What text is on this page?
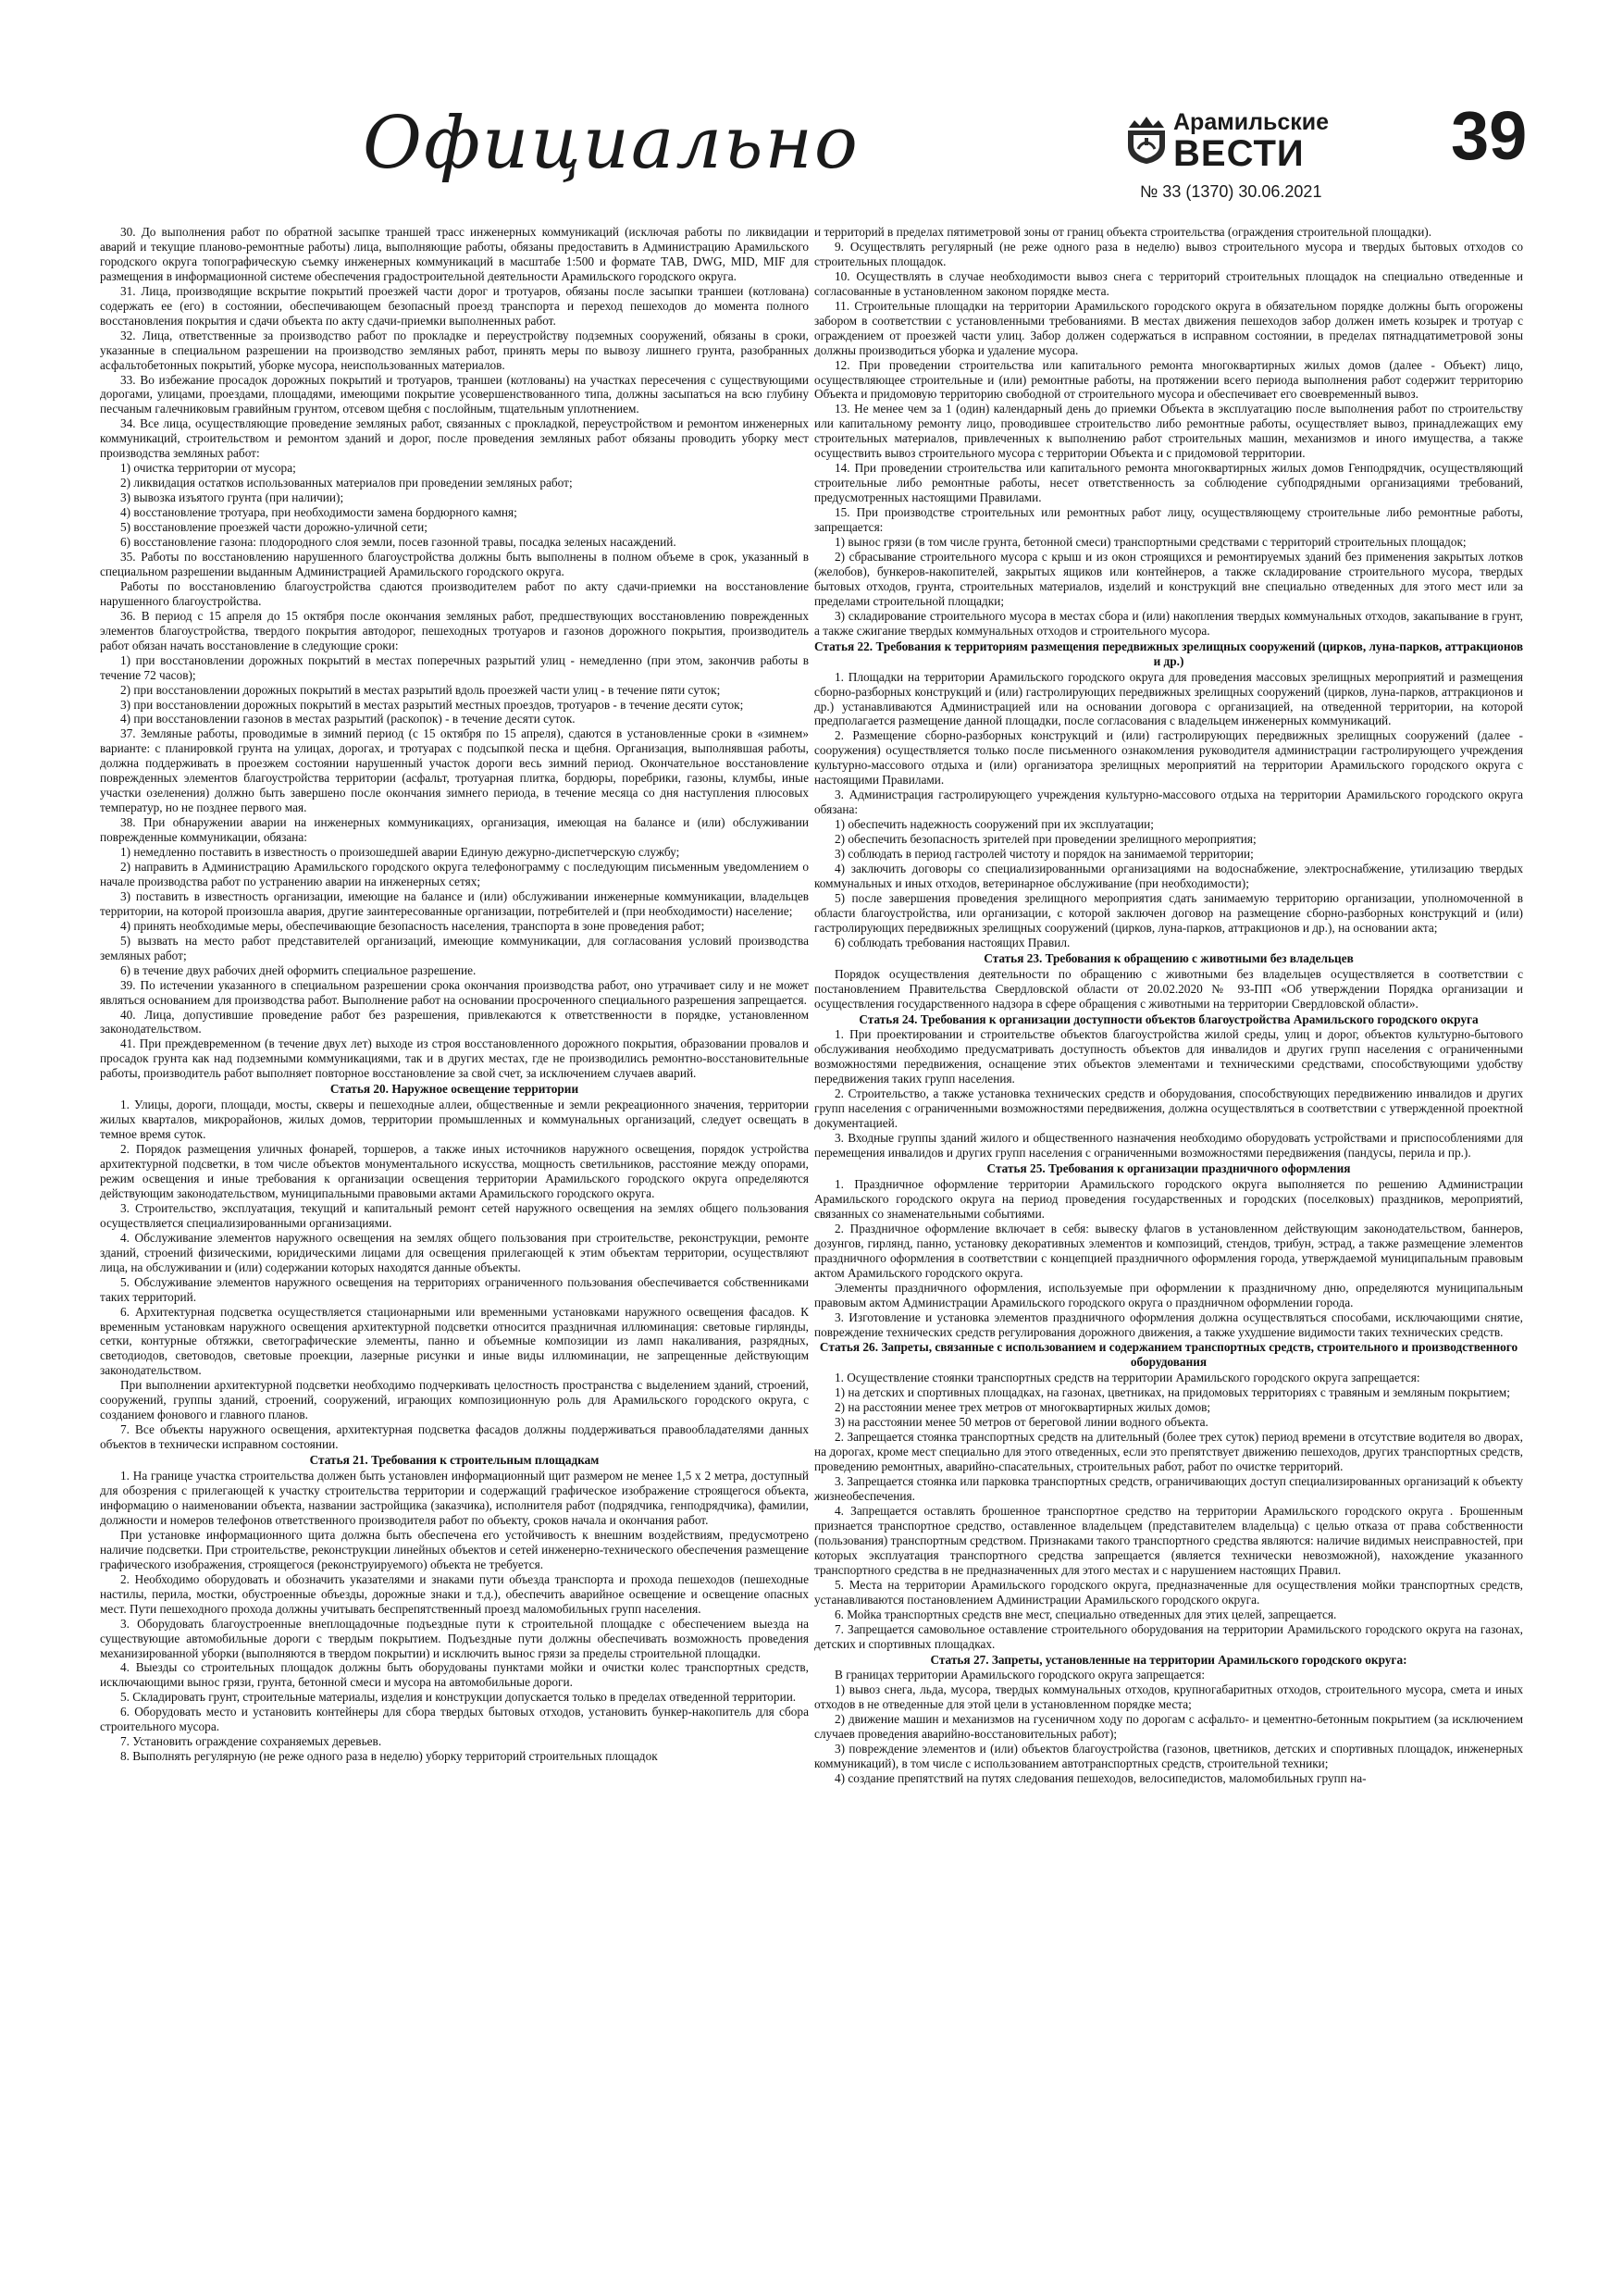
Официально	Арамильские
ВЕСТИ
№ 33 (1370) 30.06.2021
39

30. До выполнения работ по обратной засыпке траншей трасс инженерных коммуникаций (исключая работы по ликвидации аварий и текущие планово-ремонтные работы) лица, выполняющие работы, обязаны предоставить в Администрацию Арамильского городского округа топографическую съемку инженерных коммуникаций в масштабе 1:500 и формате TAB, DWG, MID, MIF для размещения в информационной системе обеспечения градостроительной деятельности Арамильского городского округа.

31. Лица, производящие вскрытие покрытий проезжей части дорог и тротуаров, обязаны после засыпки траншеи (котлована) содержать ее (его) в состоянии, обеспечивающем безопасный проезд транспорта и переход пешеходов до момента полного восстановления покрытия и сдачи объекта по акту сдачи-приемки выполненных работ.

32. Лица, ответственные за производство работ по прокладке и переустройству подземных сооружений, обязаны в сроки, указанные в специальном разрешении на производство земляных работ, принять меры по вывозу лишнего грунта, разобранных асфальтобетонных покрытий, уборке мусора, неиспользованных материалов.

33. Во избежание просадок дорожных покрытий и тротуаров, траншеи (котлованы) на участках пересечения с существующими дорогами, улицами, проездами, площадями, имеющими покрытие усовершенствованного типа, должны засыпаться на всю глубину песчаным галечниковым гравийным грунтом, отсевом щебня с послойным, тщательным уплотнением.

34. Все лица, осуществляющие проведение земляных работ, связанных с прокладкой, переустройством и ремонтом инженерных коммуникаций, строительством и ремонтом зданий и дорог, после проведения земляных работ обязаны проводить уборку мест производства земляных работ:

1) очистка территории от мусора;

2) ликвидация остатков использованных материалов при проведении земляных работ;

3) вывозка изъятого грунта (при наличии);

4) восстановление тротуара, при необходимости замена бордюрного камня;

5) восстановление проезжей части дорожно-уличной сети;

6) восстановление газона: плодородного слоя земли, посев газонной травы, посадка зеленых насаждений.

35. Работы по восстановлению нарушенного благоустройства должны быть выполнены в полном объеме в срок, указанный в специальном разрешении выданным Администрацией Арамильского городского округа.

Работы по восстановлению благоустройства сдаются производителем работ по акту сдачи-приемки на восстановление нарушенного благоустройства.

36. В период с 15 апреля до 15 октября после окончания земляных работ, предшествующих восстановлению поврежденных элементов благоустройства, твердого покрытия автодорог, пешеходных тротуаров и газонов дорожного покрытия, производитель работ обязан начать восстановление в следующие сроки:

1) при восстановлении дорожных покрытий в местах поперечных разрытий улиц - немедленно (при этом, закончив работы в течение 72 часов);

2) при восстановлении дорожных покрытий в местах разрытий вдоль проезжей части улиц - в течение пяти суток;

3) при восстановлении дорожных покрытий в местах разрытий местных проездов, тротуаров - в течение десяти суток;

4) при восстановлении газонов в местах разрытий (раскопок) - в течение десяти суток.

37. Земляные работы, проводимые в зимний период (с 15 октября по 15 апреля), сдаются в установленные сроки в «зимнем» варианте: с планировкой грунта на улицах, дорогах, и тротуарах с подсыпкой песка и щебня. Организация, выполнявшая работы, должна поддерживать в проезжем состоянии нарушенный участок дороги весь зимний период. Окончательное восстановление поврежденных элементов благоустройства территории (асфальт, тротуарная плитка, бордюры, поребрики, газоны, клумбы, иные участки озеленения) должно быть завершено после окончания зимнего периода, в течение месяца со дня наступления плюсовых температур, но не позднее первого мая.

38. При обнаружении аварии на инженерных коммуникациях, организация, имеющая на балансе и (или) обслуживании поврежденные коммуникации, обязана:

1) немедленно поставить в известность о произошедшей аварии Единую дежурно-диспетчерскую службу;

2) направить в Администрацию Арамильского городского округа телефонограмму с последующим письменным уведомлением о начале производства работ по устранению аварии на инженерных сетях;

3) поставить в известность организации, имеющие на балансе и (или) обслуживании инженерные коммуникации, владельцев территории, на которой произошла авария, другие заинтересованные организации, потребителей и (при необходимости) население;

4) принять необходимые меры, обеспечивающие безопасность населения, транспорта в зоне проведения работ;

5) вызвать на место работ представителей организаций, имеющие коммуникации, для согласования условий производства земляных работ;

6) в течение двух рабочих дней оформить специальное разрешение.

39. По истечении указанного в специальном разрешении срока окончания производства работ, оно утрачивает силу и не может являться основанием для производства работ. Выполнение работ на основании просроченного специального разрешения запрещается.

40. Лица, допустившие проведение работ без разрешения, привлекаются к ответственности в порядке, установленном законодательством.

41. При преждевременном (в течение двух лет) выходе из строя восстановленного дорожного покрытия, образовании провалов и просадок грунта как над подземными коммуникациями, так и в других местах, где не производились ремонтно-восстановительные работы, производитель работ выполняет повторное восстановление за свой счет, за исключением случаев аварий.

Статья 20. Наружное освещение территории

1. Улицы, дороги, площади, мосты, скверы и пешеходные аллеи, общественные и земли рекреационного значения, территории жилых кварталов, микрорайонов, жилых домов, территории промышленных и коммунальных организаций, следует освещать в темное время суток.

2. Порядок размещения уличных фонарей, торшеров, а также иных источников наружного освещения, порядок устройства архитектурной подсветки, в том числе объектов монументального искусства, мощность светильников, расстояние между опорами, режим освещения и иные требования к организации освещения территории Арамильского городского округа определяются действующим законодательством, муниципальными правовыми актами Арамильского городского округа.

3. Строительство, эксплуатация, текущий и капитальный ремонт сетей наружного освещения на землях общего пользования осуществляется специализированными организациями.

4. Обслуживание элементов наружного освещения на землях общего пользования при строительстве, реконструкции, ремонте зданий, строений физическими, юридическими лицами для освещения прилегающей к этим объектам территории, осуществляют лица, на обслуживании и (или) содержании которых находятся данные объекты.

5. Обслуживание элементов наружного освещения на территориях ограниченного пользования обеспечивается собственниками таких территорий.

6. Архитектурная подсветка осуществляется стационарными или временными установками наружного освещения фасадов. К временным установкам наружного освещения архитектурной подсветки относится праздничная иллюминация: световые гирлянды, сетки, контурные обтяжки, светографические элементы, панно и объемные композиции из ламп накаливания, разрядных, светодиодов, световодов, световые проекции, лазерные рисунки и иные виды иллюминации, не запрещенные действующим законодательством.

При выполнении архитектурной подсветки необходимо подчеркивать целостность пространства с выделением зданий, строений, сооружений, группы зданий, строений, сооружений, играющих композиционную роль для Арамильского городского округа, с созданием фонового и главного планов.

7. Все объекты наружного освещения, архитектурная подсветка фасадов должны поддерживаться правообладателями данных объектов в технически исправном состоянии.

Статья 21. Требования к строительным площадкам

1. На границе участка строительства должен быть установлен информационный щит размером не менее 1,5 х 2 метра, доступный для обозрения с прилегающей к участку строительства территории и содержащий графическое изображение строящегося объекта, информацию о наименовании объекта, названии застройщика (заказчика), исполнителя работ (подрядчика, генподрядчика), фамилии, должности и номеров телефонов ответственного производителя работ по объекту, сроков начала и окончания работ.

При установке информационного щита должна быть обеспечена его устойчивость к внешним воздействиям, предусмотрено наличие подсветки. При строительстве, реконструкции линейных объектов и сетей инженерно-технического обеспечения размещение графического изображения, строящегося (реконструируемого) объекта не требуется.

2. Необходимо оборудовать и обозначить указателями и знаками пути объезда транспорта и прохода пешеходов (пешеходные настилы, перила, мостки, обустроенные объезды, дорожные знаки и т.д.), обеспечить аварийное освещение и освещение опасных мест. Пути пешеходного прохода должны учитывать беспрепятственный проезд маломобильных групп населения.

3. Оборудовать благоустроенные внеплощадочные подъездные пути к строительной площадке с обеспечением выезда на существующие автомобильные дороги с твердым покрытием. Подъездные пути должны обеспечивать возможность проведения механизированной уборки (выполняются в твердом покрытии) и исключить вынос грязи за пределы строительной площадки.

4. Выезды со строительных площадок должны быть оборудованы пунктами мойки и очистки колес транспортных средств, исключающими вынос грязи, грунта, бетонной смеси и мусора на автомобильные дороги.

5. Складировать грунт, строительные материалы, изделия и конструкции допускается только в пределах отведенной территории.

6. Оборудовать место и установить контейнеры для сбора твердых бытовых отходов, установить бункер-накопитель для сбора строительного мусора.

7. Установить ограждение сохраняемых деревьев.

8. Выполнять регулярную (не реже одного раза в неделю) уборку территорий строительных площадок

и территорий в пределах пятиметровой зоны от границ объекта строительства (ограждения строительной площадки).

9. Осуществлять регулярный (не реже одного раза в неделю) вывоз строительного мусора и твердых бытовых отходов со строительных площадок.

10. Осуществлять в случае необходимости вывоз снега с территорий строительных площадок на специально отведенные и согласованные в установленном законом порядке места.

11. Строительные площадки на территории Арамильского городского округа в обязательном порядке должны быть огорожены забором в соответствии с установленными требованиями. В местах движения пешеходов забор должен иметь козырек и тротуар с ограждением от проезжей части улиц. Забор должен содержаться в исправном состоянии, в пределах пятнадцатиметровой зоны должны производиться уборка и удаление мусора.

12. При проведении строительства или капитального ремонта многоквартирных жилых домов (далее - Объект) лицо, осуществляющее строительные и (или) ремонтные работы, на протяжении всего периода выполнения работ содержит территорию Объекта и придомовую территорию свободной от строительного мусора и обеспечивает его своевременный вывоз.

13. Не менее чем за 1 (один) календарный день до приемки Объекта в эксплуатацию после выполнения работ по строительству или капитальному ремонту лицо, проводившее строительство либо ремонтные работы, осуществляет вывоз, принадлежащих ему строительных материалов, привлеченных к выполнению работ строительных машин, механизмов и иного имущества, а также осуществить вывоз строительного мусора с территории Объекта и с придомовой территории.

14. При проведении строительства или капитального ремонта многоквартирных жилых домов Генподрядчик, осуществляющий строительные либо ремонтные работы, несет ответственность за соблюдение субподрядными организациями требований, предусмотренных настоящими Правилами.

15. При производстве строительных или ремонтных работ лицу, осуществляющему строительные либо ремонтные работы, запрещается:

1) вынос грязи (в том числе грунта, бетонной смеси) транспортными средствами с территорий строительных площадок;

2) сбрасывание строительного мусора с крыш и из окон строящихся и ремонтируемых зданий без применения закрытых лотков (желобов), бункеров-накопителей, закрытых ящиков или контейнеров, а также складирование строительного мусора, твердых бытовых отходов, грунта, строительных материалов, изделий и конструкций вне специально отведенных для этого мест или за пределами строительной площадки;

3) складирование строительного мусора в местах сбора и (или) накопления твердых коммунальных отходов, закапывание в грунт, а также сжигание твердых коммунальных отходов и строительного мусора.

Статья 22. Требования к территориям размещения передвижных зрелищных сооружений (цирков, луна-парков, аттракционов и др.)

1. Площадки на территории Арамильского городского округа для проведения массовых зрелищных мероприятий и размещения сборно-разборных конструкций и (или) гастролирующих передвижных зрелищных сооружений (цирков, луна-парков, аттракционов и др.) устанавливаются Администрацией или на основании договора с организацией, на отведенной территории, на которой предполагается размещение данной площадки, после согласования с владельцем инженерных коммуникаций.

2. Размещение сборно-разборных конструкций и (или) гастролирующих передвижных зрелищных сооружений (далее - сооружения) осуществляется только после письменного ознакомления руководителя администрации гастролирующего учреждения культурно-массового отдыха и (или) организатора зрелищных мероприятий на территории Арамильского городского округа с настоящими Правилами.

3. Администрация гастролирующего учреждения культурно-массового отдыха на территории Арамильского городского округа обязана:

1) обеспечить надежность сооружений при их эксплуатации;

2) обеспечить безопасность зрителей при проведении зрелищного мероприятия;

3) соблюдать в период гастролей чистоту и порядок на занимаемой территории;

4) заключить договоры со специализированными организациями на водоснабжение, электроснабжение, утилизацию твердых коммунальных и иных отходов, ветеринарное обслуживание (при необходимости);

5) после завершения проведения зрелищного мероприятия сдать занимаемую территорию организации, уполномоченной в области благоустройства, или организации, с которой заключен договор на размещение сборно-разборных конструкций и (или) гастролирующих передвижных зрелищных сооружений (цирков, луна-парков, аттракционов и др.), на основании акта;

6) соблюдать требования настоящих Правил.

Статья 23. Требования к обращению с животными без владельцев

Порядок осуществления деятельности по обращению с животными без владельцев осуществляется в соответствии с постановлением Правительства Свердловской области от 20.02.2020 № 93-ПП «Об утверждении Порядка организации и осуществления государственного надзора в сфере обращения с животными на территории Свердловской области».

Статья 24. Требования к организации доступности объектов благоустройства Арамильского городского округа

1. При проектировании и строительстве объектов благоустройства жилой среды, улиц и дорог, объектов культурно-бытового обслуживания необходимо предусматривать доступность объектов для инвалидов и других групп населения с ограниченными возможностями передвижения, оснащение этих объектов элементами и техническими средствами, способствующими удобству передвижения таких групп населения.

2. Строительство, а также установка технических средств и оборудования, способствующих передвижению инвалидов и других групп населения с ограниченными возможностями передвижения, должна осуществляться в соответствии с утвержденной проектной документацией.

3. Входные группы зданий жилого и общественного назначения необходимо оборудовать устройствами и приспособлениями для перемещения инвалидов и других групп населения с ограниченными возможностями передвижения (пандусы, перила и пр.).

Статья 25. Требования к организации праздничного оформления

1. Праздничное оформление территории Арамильского городского округа выполняется по решению Администрации Арамильского городского округа на период проведения государственных и городских (поселковых) праздников, мероприятий, связанных со знаменательными событиями.

2. Праздничное оформление включает в себя: вывеску флагов в установленном действующим законодательством, баннеров, дозунгов, гирлянд, панно, установку декоративных элементов и композиций, стендов, трибун, эстрад, а также размещение элементов праздничного оформления в соответствии с концепцией праздничного оформления города, утверждаемой муниципальным правовым актом Арамильского городского округа.

Элементы праздничного оформления, используемые при оформлении к праздничному дню, определяются муниципальным правовым актом Администрации Арамильского городского округа о праздничном оформлении города.

3. Изготовление и установка элементов праздничного оформления должна осуществляться способами, исключающими снятие, повреждение технических средств регулирования дорожного движения, а также ухудшение видимости таких технических средств.

Статья 26. Запреты, связанные с использованием и содержанием транспортных средств, строительного и производственного оборудования

1. Осуществление стоянки транспортных средств на территории Арамильского городского округа запрещается:

1) на детских и спортивных площадках, на газонах, цветниках, на придомовых территориях с травяным и земляным покрытием;

2) на расстоянии менее трех метров от многоквартирных жилых домов;

3) на расстоянии менее 50 метров от береговой линии водного объекта.

2. Запрещается стоянка транспортных средств на длительный (более трех суток) период времени в отсутствие водителя во дворах, на дорогах, кроме мест специально для этого отведенных, если это препятствует движению пешеходов, других транспортных средств, проведению ремонтных, аварийно-спасательных, строительных работ, работ по очистке территорий.

3. Запрещается стоянка или парковка транспортных средств, ограничивающих доступ специализированных организаций к объекту жизнеобеспечения.

4. Запрещается оставлять брошенное транспортное средство на территории Арамильского городского округа . Брошенным признается транспортное средство, оставленное владельцем (представителем владельца) с целью отказа от права собственности (пользования) транспортным средством. Признаками такого транспортного средства являются: наличие видимых неисправностей, при которых эксплуатация транспортного средства запрещается (является технически невозможной), нахождение указанного транспортного средства в не предназначенных для этого местах и с нарушением настоящих Правил.

5. Места на территории Арамильского городского округа, предназначенные для осуществления мойки транспортных средств, устанавливаются постановлением Администрации Арамильского городского округа.

6. Мойка транспортных средств вне мест, специально отведенных для этих целей, запрещается.

7. Запрещается самовольное оставление строительного оборудования на территории Арамильского городского округа на газонах, детских и спортивных площадках.

Статья 27. Запреты, установленные на территории Арамильского городского округа:

В границах территории Арамильского городского округа запрещается:

1) вывоз снега, льда, мусора, твердых коммунальных отходов, крупногабаритных отходов, строительного мусора, смета и иных отходов в не отведенные для этой цели в установленном порядке места;

2) движение машин и механизмов на гусеничном ходу по дорогам с асфальто- и цементно-бетонным покрытием (за исключением случаев проведения аварийно-восстановительных работ);

3) повреждение элементов и (или) объектов благоустройства (газонов, цветников, детских и спортивных площадок, инженерных коммуникаций), в том числе с использованием автотранспортных средств, строительной техники;

4) создание препятствий на путях следования пешеходов, велосипедистов, маломобильных групп на-
